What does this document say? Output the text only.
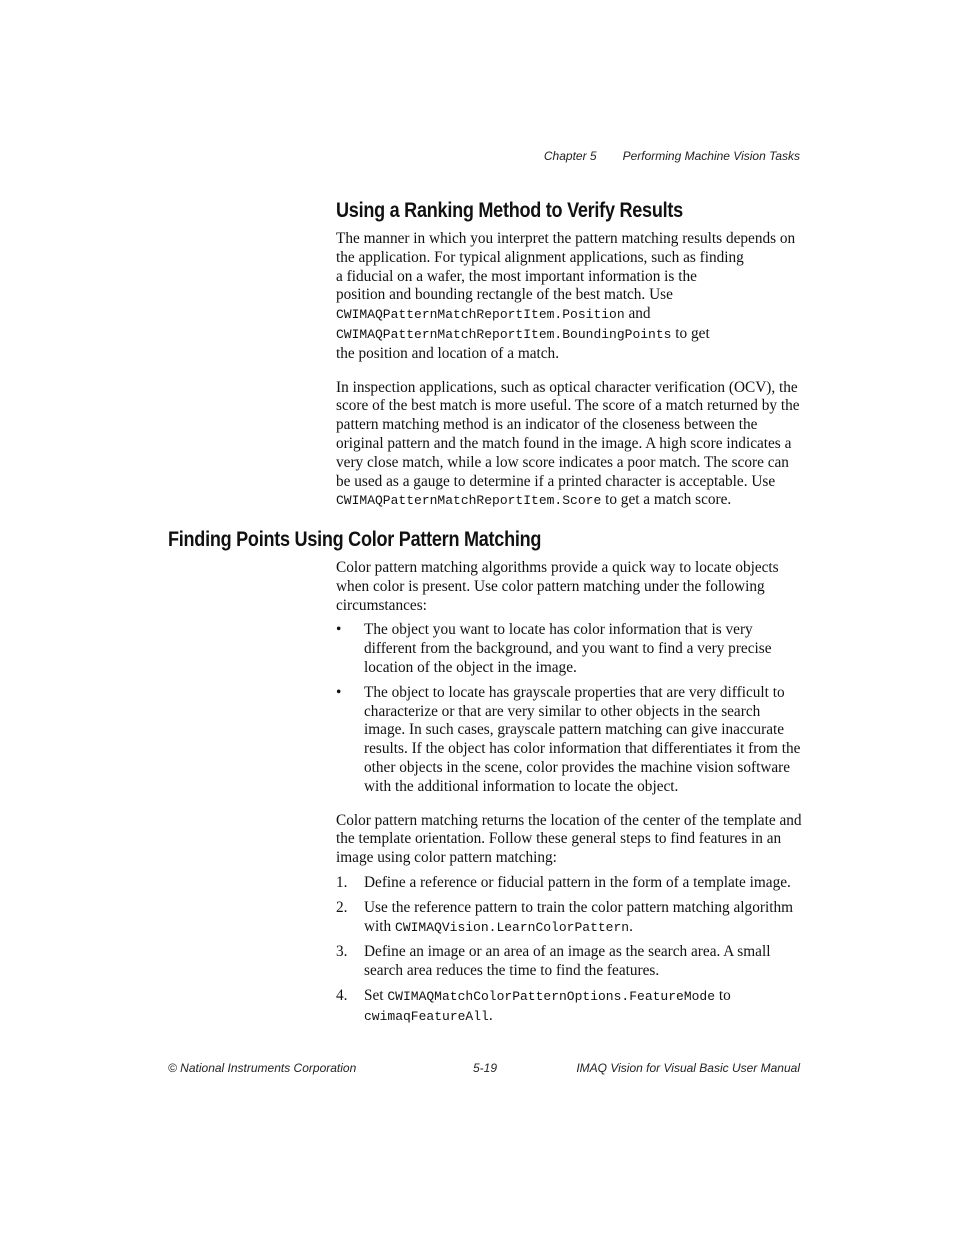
Chapter 5 Performing Machine Vision Tasks
Using a Ranking Method to Verify Results

The manner in which you interpret the pattern matching results depends on the application. For typical alignment applications, such as finding
a fiducial on a wafer, the most important information is the
position and bounding rectangle of the best match. Use
CWIMAQPatternMatchReportItem.Position and
CWIMAQPatternMatchReportItem.BoundingPoints to get
the position and location of a match.

In inspection applications, such as optical character verification (OCV), the score of the best match is more useful. The score of a match returned by the pattern matching method is an indicator of the closeness between the original pattern and the match found in the image. A high score indicates a very close match, while a low score indicates a poor match. The score can be used as a gauge to determine if a printed character is acceptable. Use CWIMAQPatternMatchReportItem.Score to get a match score.

Finding Points Using Color Pattern Matching

Color pattern matching algorithms provide a quick way to locate objects when color is present. Use color pattern matching under the following circumstances:

• The object you want to locate has color information that is very different from the background, and you want to find a very precise location of the object in the image.
• The object to locate has grayscale properties that are very difficult to characterize or that are very similar to other objects in the search image. In such cases, grayscale pattern matching can give inaccurate results. If the object has color information that differentiates it from the other objects in the scene, color provides the machine vision software with the additional information to locate the object.

Color pattern matching returns the location of the center of the template and the template orientation. Follow these general steps to find features in an image using color pattern matching:

1. Define a reference or fiducial pattern in the form of a template image.
2. Use the reference pattern to train the color pattern matching algorithm with CWIMAQVision.LearnColorPattern.
3. Define an image or an area of an image as the search area. A small search area reduces the time to find the features.
4. Set CWIMAQMatchColorPatternOptions.FeatureMode to
cwimaqFeatureAll.
© National Instruments Corporation	5-19	IMAQ Vision for Visual Basic User Manual
